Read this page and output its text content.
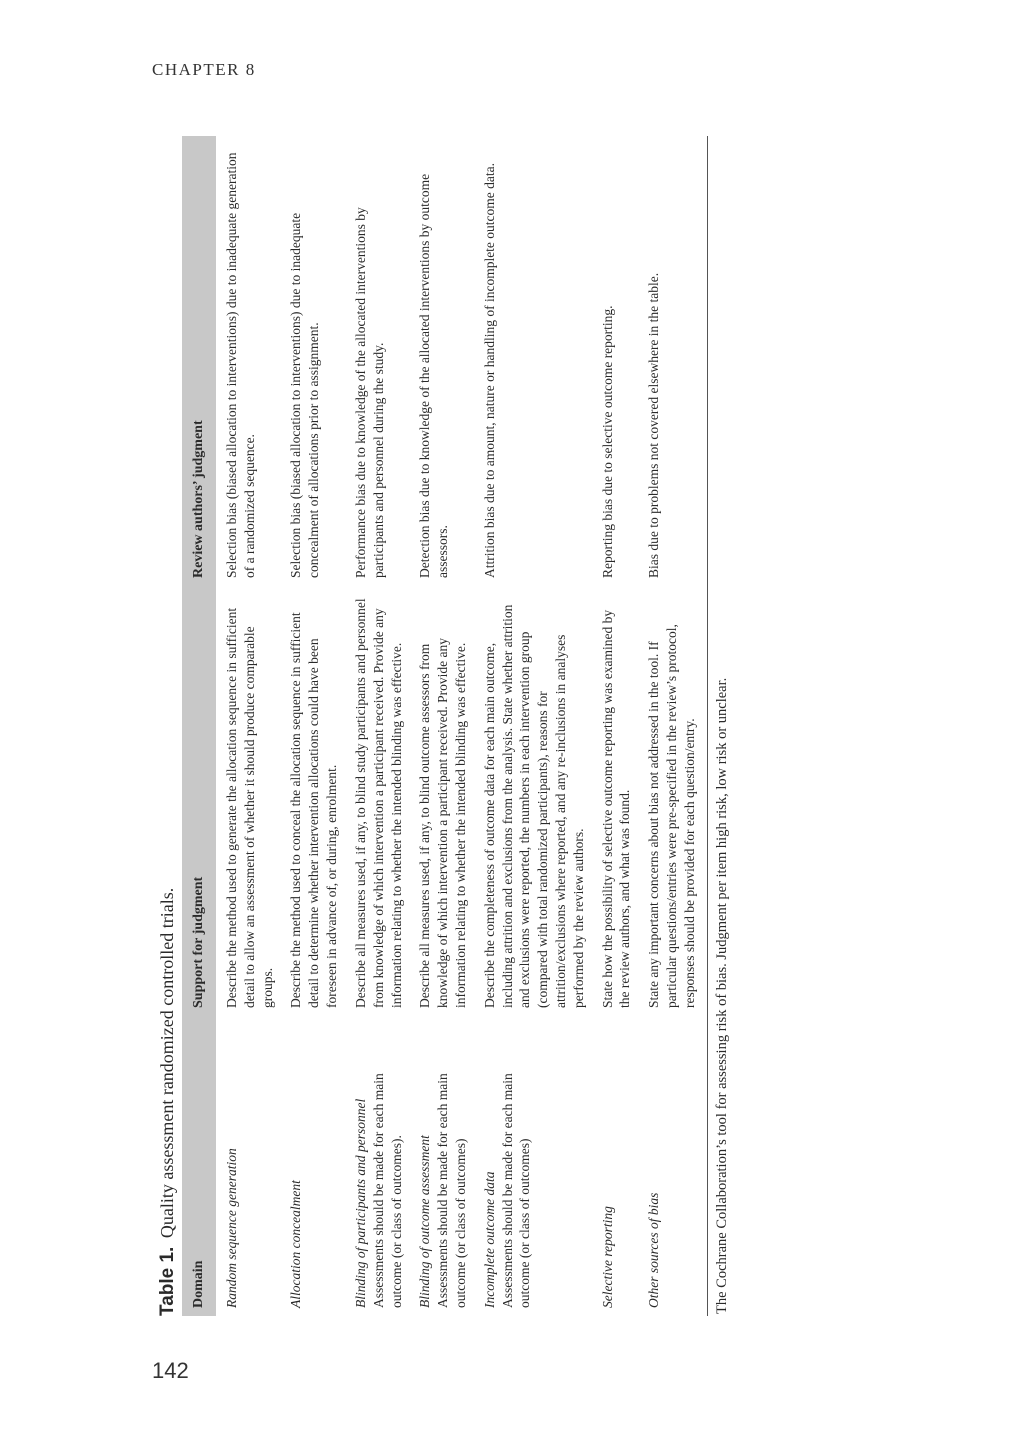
CHAPTER 8
142
Table 1. Quality assessment randomized controlled trials.
Domain	Support for judgment	Review authors’ judgment

Random sequence generation	Describe the method used to generate the allocation sequence in sufficient detail to allow an assessment of whether it should produce comparable groups.	Selection bias (biased allocation to interventions) due to inadequate generation of a randomized sequence.

Allocation concealment	Describe the method used to conceal the allocation sequence in sufficient detail to determine whether intervention allocations could have been foreseen in advance of, or during, enrolment.	Selection bias (biased allocation to interventions) due to inadequate concealment of allocations prior to assignment.

Blinding of participants and personnel Assessments should be made for each main outcome (or class of outcomes).	Describe all measures used, if any, to blind study participants and personnel from knowledge of which intervention a participant received. Provide any information relating to whether the intended blinding was effective.	Performance bias due to knowledge of the allocated interventions by participants and personnel during the study.

Blinding of outcome assessment Assessments should be made for each main outcome (or class of outcomes)	Describe all measures used, if any, to blind outcome assessors from knowledge of which intervention a participant received. Provide any information relating to whether the intended blinding was effective.	Detection bias due to knowledge of the allocated interventions by outcome assessors.

Incomplete outcome data Assessments should be made for each main outcome (or class of outcomes)	Describe the completeness of outcome data for each main outcome, including attrition and exclusions from the analysis. State whether attrition and exclusions were reported, the numbers in each intervention group (compared with total randomized participants), reasons for attrition/exclusions where reported, and any re-inclusions in analyses performed by the review authors.	Attrition bias due to amount, nature or handling of incomplete outcome data.

Selective reporting	State how the possibility of selective outcome reporting was examined by the review authors, and what was found.	Reporting bias due to selective outcome reporting.

Other sources of bias	State any important concerns about bias not addressed in the tool. If particular questions/entries were pre-specified in the review’s protocol, responses should be provided for each question/entry.	Bias due to problems not covered elsewhere in the table.
The Cochrane Collaboration’s tool for assessing risk of bias. Judgment per item high risk, low risk or unclear.
